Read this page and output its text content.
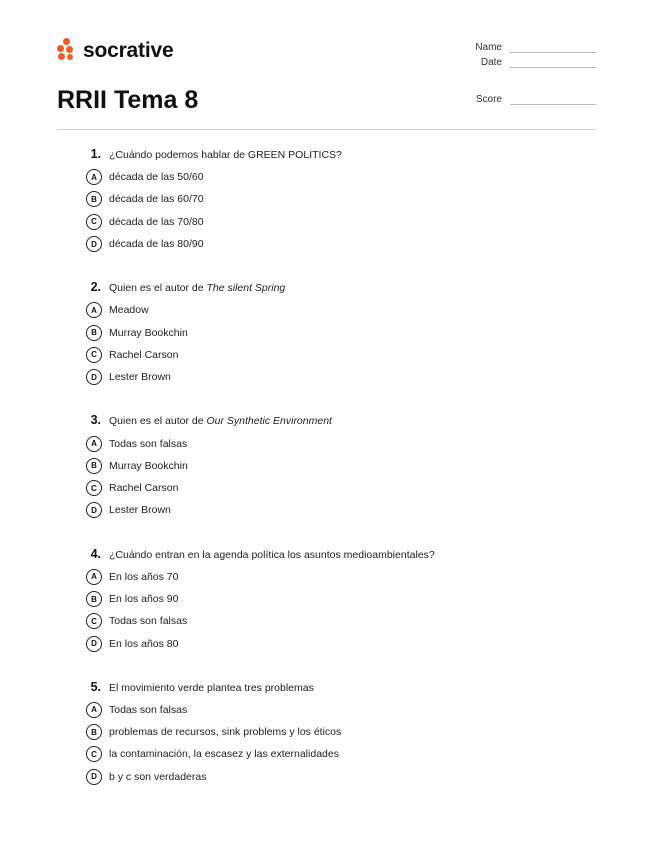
socrative
RRII Tema 8
Name
Date
Score
1. ¿Cuándo podemos hablar de GREEN POLITICS?
A	década de las 50/60
B	década de las 60/70
C	década de las 70/80
D	década de las 80/90
2. Quien es el autor de The silent Spring
A	Meadow
B	Murray Bookchin
C	Rachel Carson
D	Lester Brown
3. Quien es el autor de Our Synthetic Environment
A	Todas son falsas
B	Murray Bookchin
C	Rachel Carson
D	Lester Brown
4. ¿Cuándo entran en la agenda política los asuntos medioambientales?
A	En los años 70
B	En los años 90
C	Todas son falsas
D	En los años 80
5. El movimiento verde plantea tres problemas
A	Todas son falsas
B	problemas de recursos, sink problems y los éticos
C	la contaminación, la escasez y las externalidades
D	b y c son verdaderas
